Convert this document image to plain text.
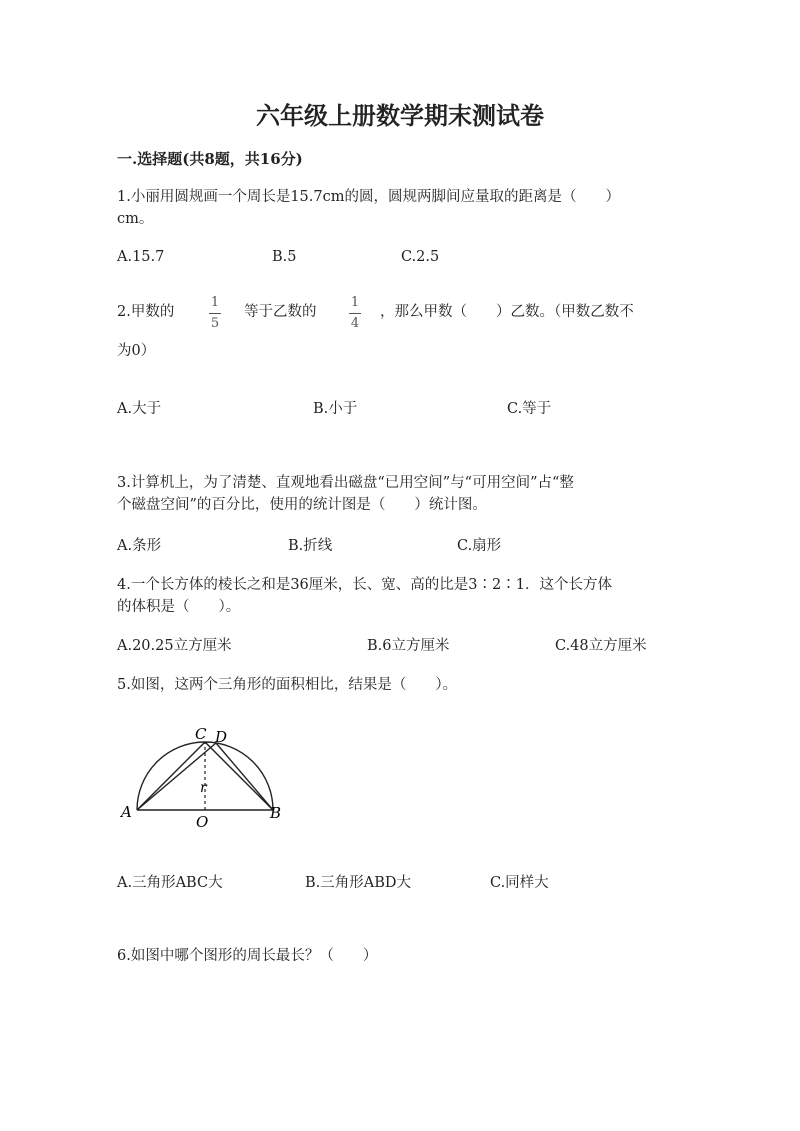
六年级上册数学期末测试卷
一.选择题(共8题，共16分)
1.小丽用圆规画一个周长是15.7cm的圆，圆规两脚间应量取的距离是（　　）
cm。
A.15.7	B.5	C.2.5
2.甲数的
1
5
等于乙数的
1
4
，那么甲数（　　）乙数。（甲数乙数不
为0）
A.大于	B.小于	C.等于
3.计算机上，为了清楚、直观地看出磁盘“已用空间”与“可用空间”占“整
个磁盘空间”的百分比，使用的统计图是（　　）统计图。
A.条形	B.折线	C.扇形
4.一个长方体的棱长之和是36厘米，长、宽、高的比是3∶2∶1．这个长方体
的体积是（　　）。
A.20.25立方厘米	B.6立方厘米	C.48立方厘米
5.如图，这两个三角形的面积相比，结果是（　　）。
A	B
C D
O
r
A.三角形ABC大	B.三角形ABD大	C.同样大
6.如图中哪个图形的周长最长？（　　）
